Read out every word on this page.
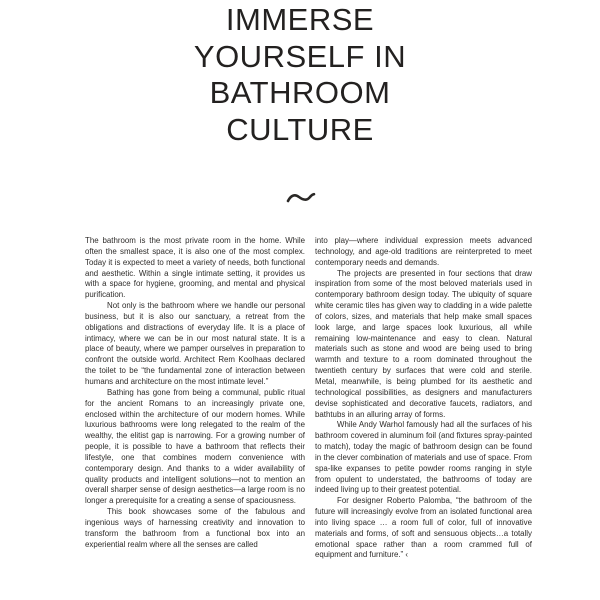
IMMERSE
YOURSELF IN
BATHROOM
CULTURE

The bathroom is the most private room in the home. While often the smallest space, it is also one of the most complex. Today it is expected to meet a variety of needs, both functional and aesthetic. Within a single intimate setting, it provides us with a space for hygiene, grooming, and mental and physical purification.

Not only is the bathroom where we handle our personal business, but it is also our sanctuary, a retreat from the obligations and distractions of everyday life. It is a place of intimacy, where we can be in our most natural state. It is a place of beauty, where we pamper ourselves in preparation to confront the outside world. Architect Rem Koolhaas declared the toilet to be “the fundamental zone of interaction between humans and architecture on the most intimate level.”

Bathing has gone from being a communal, public ritual for the ancient Romans to an increasingly private one, enclosed within the architecture of our modern homes. While luxurious bathrooms were long relegated to the realm of the wealthy, the elitist gap is narrowing. For a growing number of people, it is possible to have a bathroom that reflects their lifestyle, one that combines modern convenience with contemporary design. And thanks to a wider availability of quality products and intelligent solutions—not to mention an overall sharper sense of design aesthetics—a large room is no longer a prerequisite for a creating a sense of spaciousness.

This book showcases some of the fabulous and ingenious ways of harnessing creativity and innovation to transform the bathroom from a functional box into an experiential realm where all the senses are called

into play—where individual expression meets advanced technology, and age-old traditions are reinterpreted to meet contemporary needs and demands.

The projects are presented in four sections that draw inspiration from some of the most beloved materials used in contemporary bathroom design today. The ubiquity of square white ceramic tiles has given way to cladding in a wide palette of colors, sizes, and materials that help make small spaces look large, and large spaces look luxurious, all while remaining low-maintenance and easy to clean. Natural materials such as stone and wood are being used to bring warmth and texture to a room dominated throughout the twentieth century by surfaces that were cold and sterile. Metal, meanwhile, is being plumbed for its aesthetic and technological possibilities, as designers and manufacturers devise sophisticated and decorative faucets, radiators, and bathtubs in an alluring array of forms.

While Andy Warhol famously had all the surfaces of his bathroom covered in aluminum foil (and fixtures spray-painted to match), today the magic of bathroom design can be found in the clever combination of materials and use of space. From spa-like expanses to petite powder rooms ranging in style from opulent to understated, the bathrooms of today are indeed living up to their greatest potential.

For designer Roberto Palomba, “the bathroom of the future will increasingly evolve from an isolated functional area into living space … a room full of color, full of innovative materials and forms, of soft and sensuous objects…a totally emotional space rather than a room crammed full of equipment and furniture.” ‹
